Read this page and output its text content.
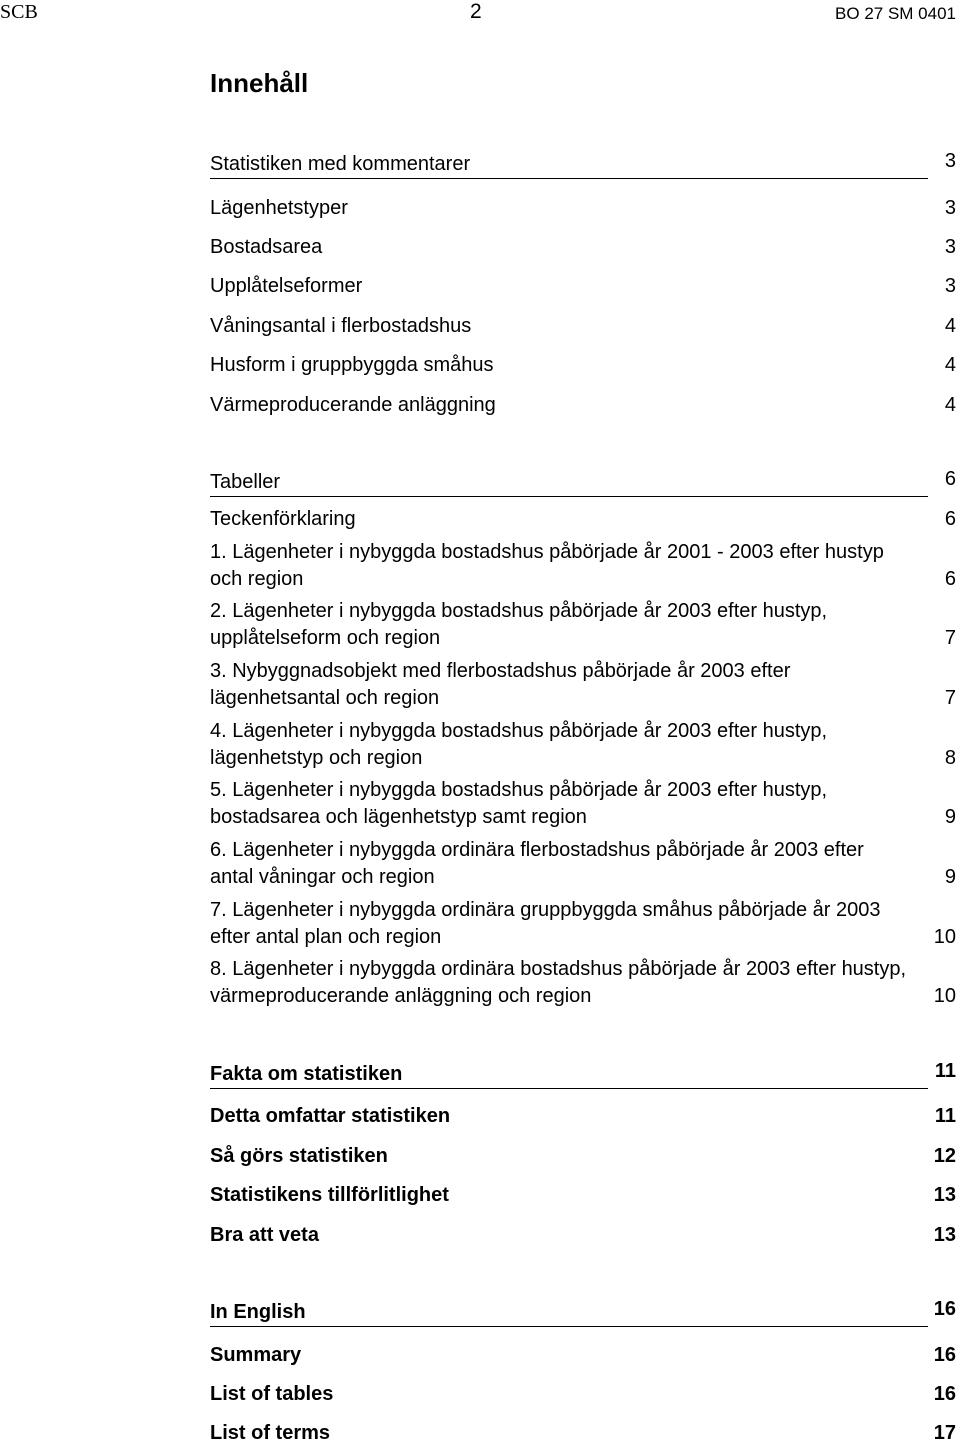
SCB	2	BO 27 SM 0401
Innehåll
Statistiken med kommentarer	3
Lägenhetstyper	3
Bostadsarea	3
Upplåtelseformer	3
Våningsantal i flerbostadshus	4
Husform i gruppbyggda småhus	4
Värmeproducerande anläggning	4
Tabeller	6
Teckenförklaring	6
1. Lägenheter i nybyggda bostadshus påbörjade år 2001 - 2003 efter hustyp och region	6
2. Lägenheter i nybyggda bostadshus påbörjade år 2003 efter hustyp, upplåtelseform och region	7
3. Nybyggnadsobjekt med flerbostadshus påbörjade år 2003 efter lägenhetsantal och region	7
4. Lägenheter i nybyggda bostadshus påbörjade år 2003 efter hustyp, lägenhetstyp och region	8
5. Lägenheter i nybyggda bostadshus påbörjade år 2003 efter hustyp, bostadsarea och lägenhetstyp samt region	9
6. Lägenheter i nybyggda ordinära flerbostadshus påbörjade år 2003 efter antal våningar och region	9
7. Lägenheter i nybyggda ordinära gruppbyggda småhus påbörjade år 2003 efter antal plan och region	10
8. Lägenheter i nybyggda ordinära bostadshus påbörjade år 2003 efter hustyp, värmeproducerande anläggning och region	10
Fakta om statistiken	11
Detta omfattar statistiken	11
Så görs statistiken	12
Statistikens tillförlitlighet	13
Bra att veta	13
In English	16
Summary	16
List of tables	16
List of terms	17
